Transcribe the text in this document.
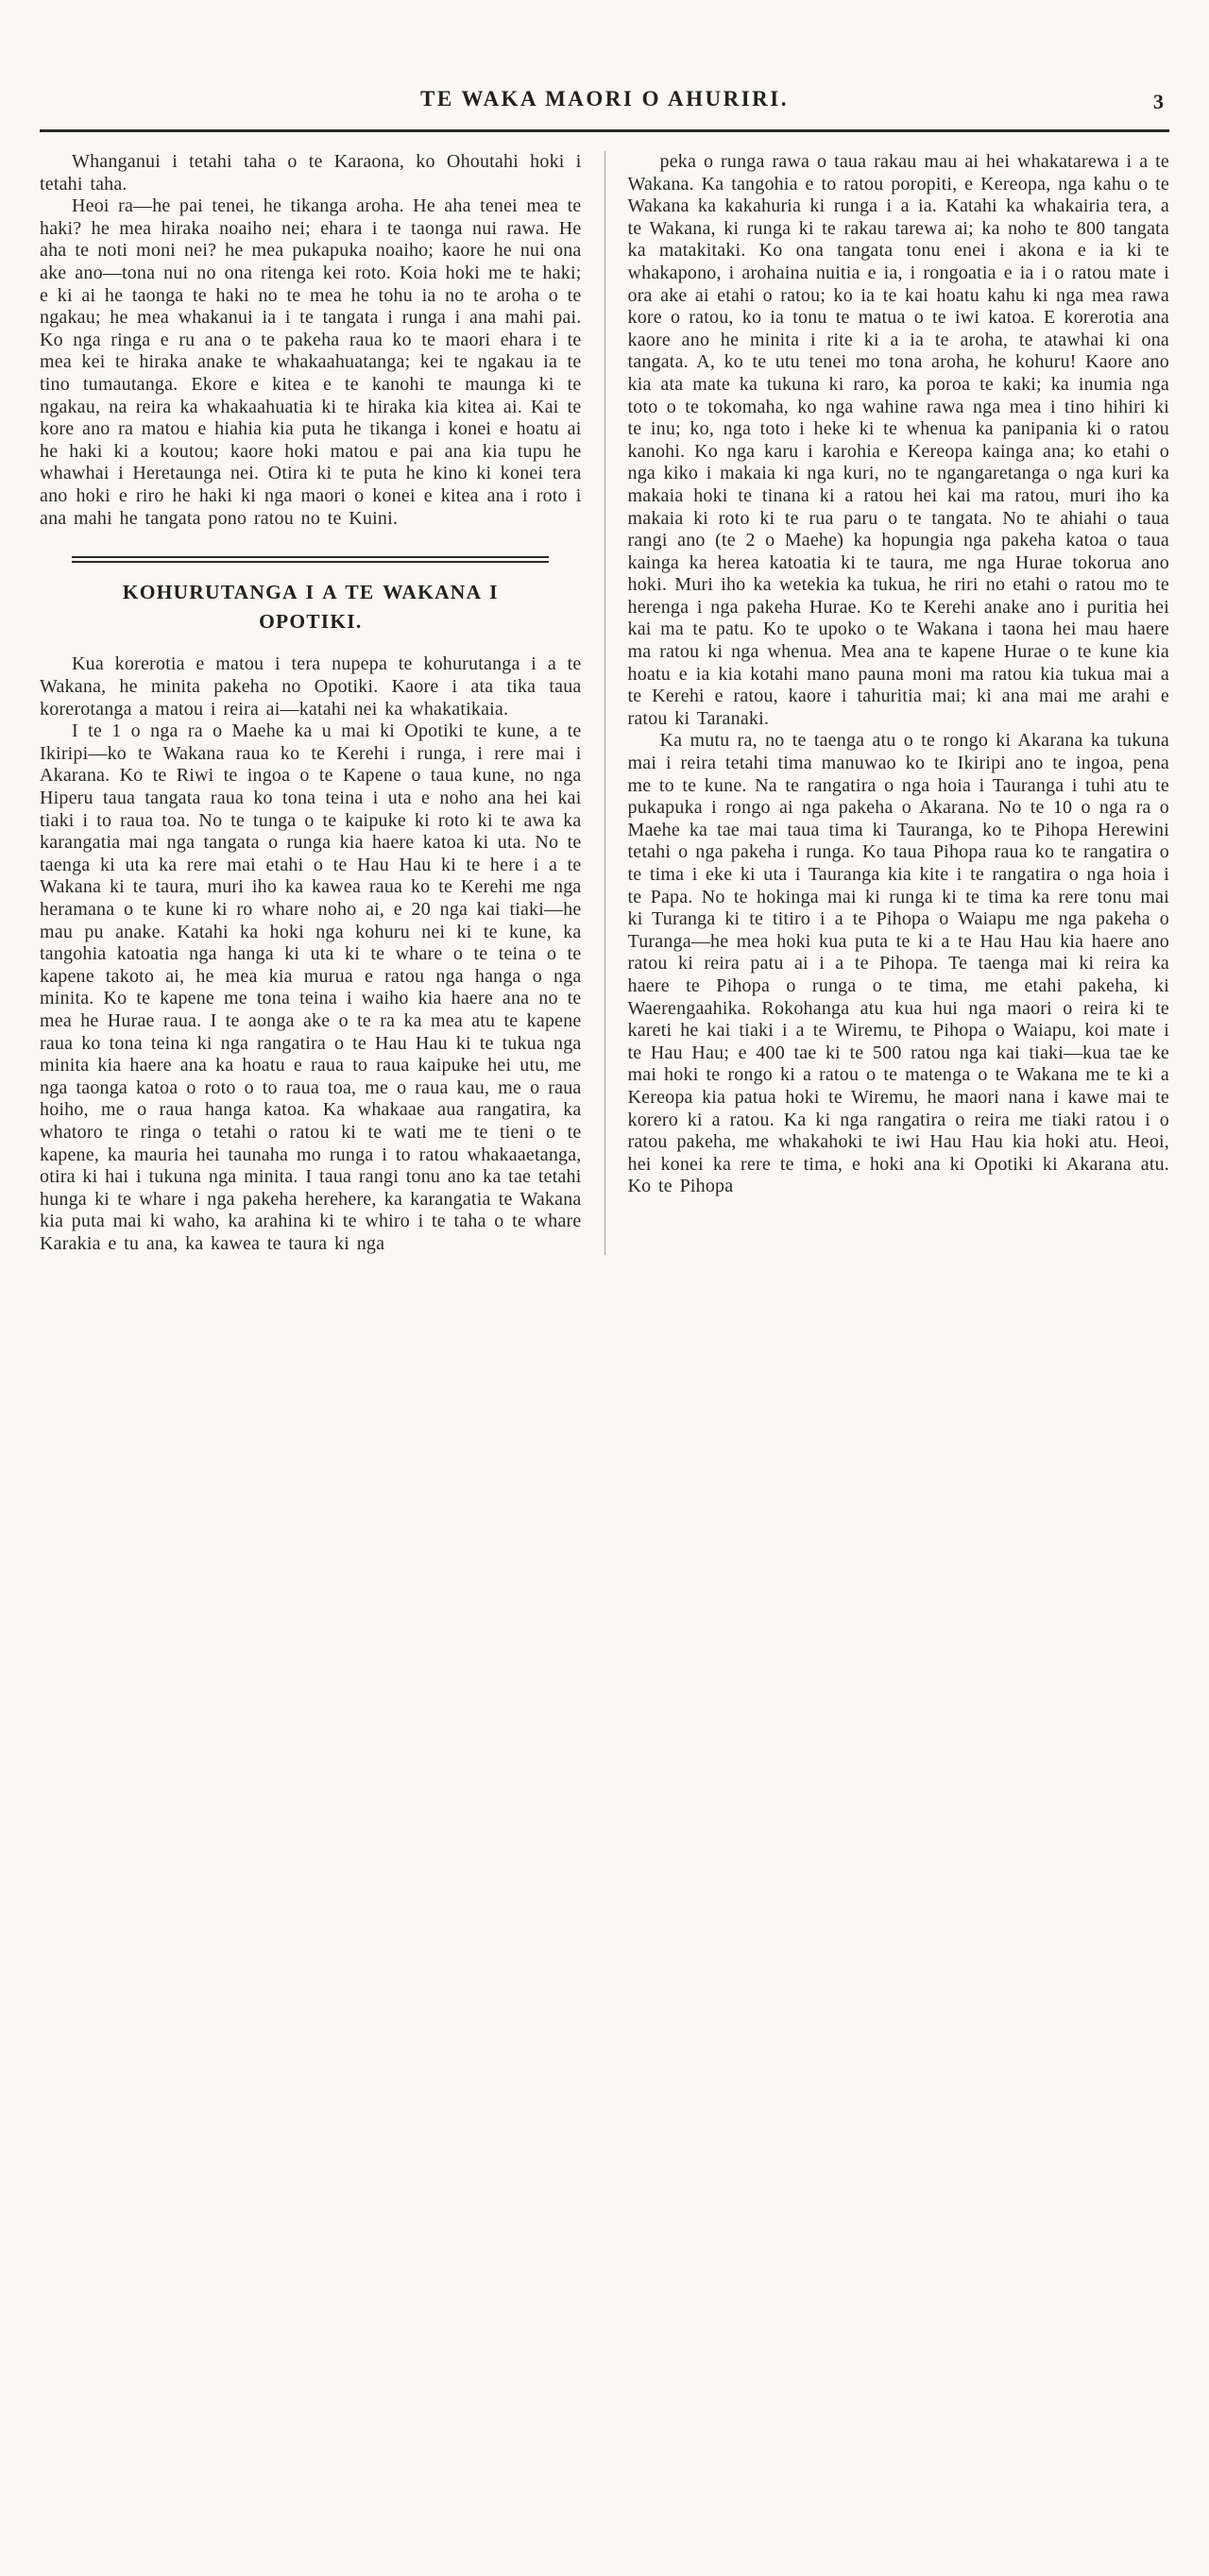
TE WAKA MAORI O AHURIRI.	3

Whanganui i tetahi taha o te Karaona, ko Ohoutahi hoki i tetahi taha.

Heoi ra—he pai tenei, he tikanga aroha. He aha tenei mea te haki? he mea hiraka noaiho nei; ehara i te taonga nui rawa. He aha te noti moni nei? he mea pukapuka noaiho; kaore he nui ona ake ano—tona nui no ona ritenga kei roto. Koia hoki me te haki; e ki ai he taonga te haki no te mea he tohu ia no te aroha o te ngakau; he mea whakanui ia i te tangata i runga i ana mahi pai. Ko nga ringa e ru ana o te pakeha raua ko te maori ehara i te mea kei te hiraka anake te whakaahuatanga; kei te ngakau ia te tino tumautanga. Ekore e kitea e te kanohi te maunga ki te ngakau, na reira ka whakaahuatia ki te hiraka kia kitea ai. Kai te kore ano ra matou e hiahia kia puta he tikanga i konei e hoatu ai he haki ki a koutou; kaore hoki matou e pai ana kia tupu he whawhai i Heretaunga nei. Otira ki te puta he kino ki konei tera ano hoki e riro he haki ki nga maori o konei e kitea ana i roto i ana mahi he tangata pono ratou no te Kuini.

KOHURUTANGA I A TE WAKANA I
OPOTIKI.

Kua korerotia e matou i tera nupepa te kohurutanga i a te Wakana, he minita pakeha no Opotiki. Kaore i ata tika taua korerotanga a matou i reira ai—katahi nei ka whakatikaia.

I te 1 o nga ra o Maehe ka u mai ki Opotiki te kune, a te Ikiripi—ko te Wakana raua ko te Kerehi i runga, i rere mai i Akarana. Ko te Riwi te ingoa o te Kapene o taua kune, no nga Hiperu taua tangata raua ko tona teina i uta e noho ana hei kai tiaki i to raua toa. No te tunga o te kaipuke ki roto ki te awa ka karangatia mai nga tangata o runga kia haere katoa ki uta. No te taenga ki uta ka rere mai etahi o te Hau Hau ki te here i a te Wakana ki te taura, muri iho ka kawea raua ko te Kerehi me nga heramana o te kune ki ro whare noho ai, e 20 nga kai tiaki—he mau pu anake. Katahi ka hoki nga kohuru nei ki te kune, ka tangohia katoatia nga hanga ki uta ki te whare o te teina o te kapene takoto ai, he mea kia murua e ratou nga hanga o nga minita. Ko te kapene me tona teina i waiho kia haere ana no te mea he Hurae raua. I te aonga ake o te ra ka mea atu te kapene raua ko tona teina ki nga rangatira o te Hau Hau ki te tukua nga minita kia haere ana ka hoatu e raua to raua kaipuke hei utu, me nga taonga katoa o roto o to raua toa, me o raua kau, me o raua hoiho, me o raua hanga katoa. Ka whakaae aua rangatira, ka whatoro te ringa o tetahi o ratou ki te wati me te tieni o te kapene, ka mauria hei taunaha mo runga i to ratou whakaaetanga, otira ki hai i tukuna nga minita. I taua rangi tonu ano ka tae tetahi hunga ki te whare i nga pakeha herehere, ka karangatia te Wakana kia puta mai ki waho, ka arahina ki te whiro i te taha o te whare Karakia e tu ana, ka kawea te taura ki nga

peka o runga rawa o taua rakau mau ai hei whakatarewa i a te Wakana. Ka tangohia e to ratou poropiti, e Kereopa, nga kahu o te Wakana ka kakahuria ki runga i a ia. Katahi ka whakairia tera, a te Wakana, ki runga ki te rakau tarewa ai; ka noho te 800 tangata ka matakitaki. Ko ona tangata tonu enei i akona e ia ki te whakapono, i arohaina nuitia e ia, i rongoatia e ia i o ratou mate i ora ake ai etahi o ratou; ko ia te kai hoatu kahu ki nga mea rawa kore o ratou, ko ia tonu te matua o te iwi katoa. E korerotia ana kaore ano he minita i rite ki a ia te aroha, te atawhai ki ona tangata. A, ko te utu tenei mo tona aroha, he kohuru! Kaore ano kia ata mate ka tukuna ki raro, ka poroa te kaki; ka inumia nga toto o te tokomaha, ko nga wahine rawa nga mea i tino hihiri ki te inu; ko, nga toto i heke ki te whenua ka panipania ki o ratou kanohi. Ko nga karu i karohia e Kereopa kainga ana; ko etahi o nga kiko i makaia ki nga kuri, no te ngangaretanga o nga kuri ka makaia hoki te tinana ki a ratou hei kai ma ratou, muri iho ka makaia ki roto ki te rua paru o te tangata. No te ahiahi o taua rangi ano (te 2 o Maehe) ka hopungia nga pakeha katoa o taua kainga ka herea katoatia ki te taura, me nga Hurae tokorua ano hoki. Muri iho ka wetekia ka tukua, he riri no etahi o ratou mo te herenga i nga pakeha Hurae. Ko te Kerehi anake ano i puritia hei kai ma te patu. Ko te upoko o te Wakana i taona hei mau haere ma ratou ki nga whenua. Mea ana te kapene Hurae o te kune kia hoatu e ia kia kotahi mano pauna moni ma ratou kia tukua mai a te Kerehi e ratou, kaore i tahuritia mai; ki ana mai me arahi e ratou ki Taranaki.

Ka mutu ra, no te taenga atu o te rongo ki Akarana ka tukuna mai i reira tetahi tima manuwao ko te Ikiripi ano te ingoa, pena me to te kune. Na te rangatira o nga hoia i Tauranga i tuhi atu te pukapuka i rongo ai nga pakeha o Akarana. No te 10 o nga ra o Maehe ka tae mai taua tima ki Tauranga, ko te Pihopa Herewini tetahi o nga pakeha i runga. Ko taua Pihopa raua ko te rangatira o te tima i eke ki uta i Tauranga kia kite i te rangatira o nga hoia i te Papa. No te hokinga mai ki runga ki te tima ka rere tonu mai ki Turanga ki te titiro i a te Pihopa o Waiapu me nga pakeha o Turanga—he mea hoki kua puta te ki a te Hau Hau kia haere ano ratou ki reira patu ai i a te Pihopa. Te taenga mai ki reira ka haere te Pihopa o runga o te tima, me etahi pakeha, ki Waerengaahika. Rokohanga atu kua hui nga maori o reira ki te kareti he kai tiaki i a te Wiremu, te Pihopa o Waiapu, koi mate i te Hau Hau; e 400 tae ki te 500 ratou nga kai tiaki—kua tae ke mai hoki te rongo ki a ratou o te matenga o te Wakana me te ki a Kereopa kia patua hoki te Wiremu, he maori nana i kawe mai te korero ki a ratou. Ka ki nga rangatira o reira me tiaki ratou i o ratou pakeha, me whakahoki te iwi Hau Hau kia hoki atu. Heoi, hei konei ka rere te tima, e hoki ana ki Opotiki ki Akarana atu. Ko te Pihopa
